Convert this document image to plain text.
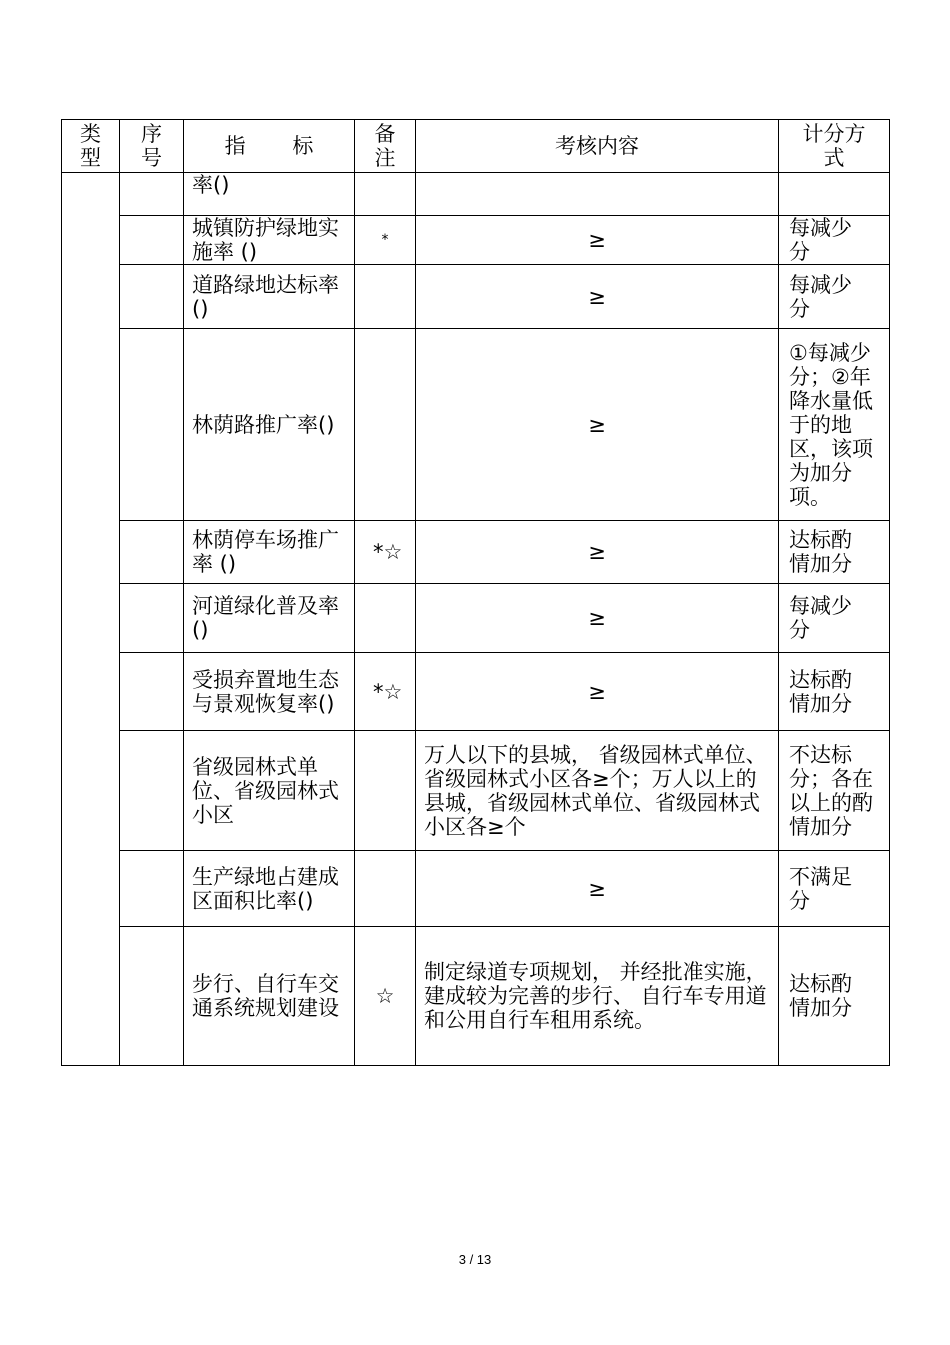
类型	序号	指 标	备注	考核内容	计分方式

		率()			
		城镇防护绿地实施率 ()	*	≥	每减少分

		道路绿地达标率()		≥	每减少分

		林荫路推广率()		≥	①每减少分；②年降水量低于的地区，该项为加分项。

		林荫停车场推广率 ()	*☆	≥	达标酌情加分

		河道绿化普及率()		≥	每减少分

		受损弃置地生态与景观恢复率()	*☆	≥	达标酌情加分

		省级园林式单位、省级园林式小区		万人以下的县城， 省级园林式单位、省级园林式小区各≥个；万人以上的县城，省级园林式单位、省级园林式小区各≥个	不达标分；各在以上的酌情加分

		生产绿地占建成区面积比率()		≥	不满足分

		步行、自行车交通系统规划建设	☆	制定绿道专项规划， 并经批准实施，建成较为完善的步行、 自行车专用道和公用自行车租用系统。	达标酌情加分
3 / 13
